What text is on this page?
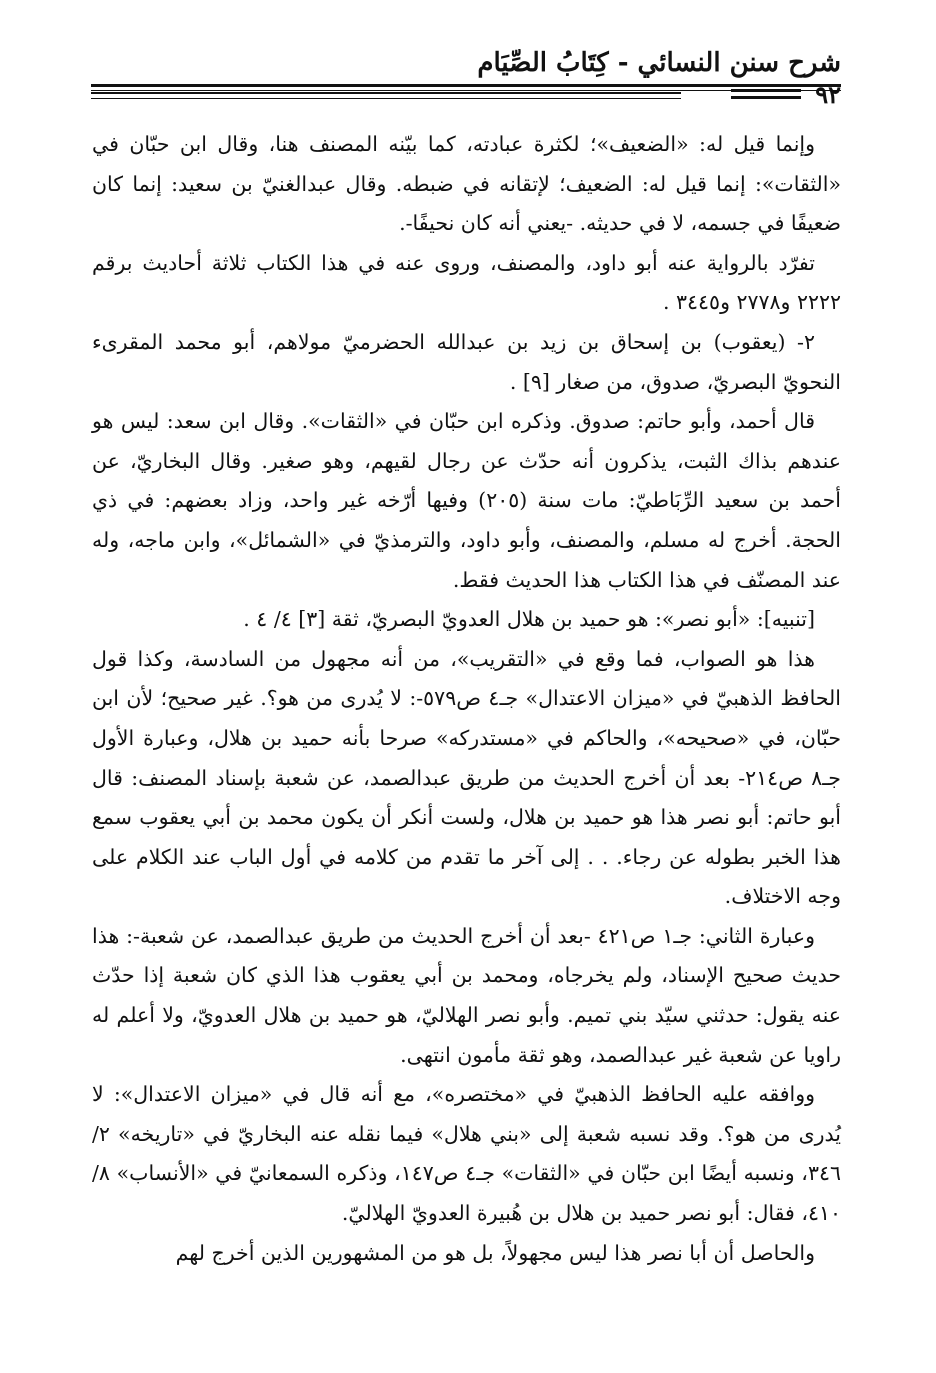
شرح سنن النسائي - كِتَابُ الصِّيَام
٩٢

وإنما قيل له: «الضعيف»؛ لكثرة عبادته، كما بيّنه المصنف هنا، وقال ابن حبّان في «الثقات»: إنما قيل له: الضعيف؛ لإتقانه في ضبطه. وقال عبدالغنيّ بن سعيد: إنما كان ضعيفًا في جسمه، لا في حديثه. -يعني أنه كان نحيفًا-.

تفرّد بالرواية عنه أبو داود، والمصنف، وروى عنه في هذا الكتاب ثلاثة أحاديث برقم ٢٢٢٢ و٢٧٧٨ و٣٤٤٥ .

٢- (يعقوب) بن إسحاق بن زيد بن عبدالله الحضرميّ مولاهم، أبو محمد المقرىء النحويّ البصريّ، صدوق، من صغار [٩] .

قال أحمد، وأبو حاتم: صدوق. وذكره ابن حبّان في «الثقات». وقال ابن سعد: ليس هو عندهم بذاك الثبت، يذكرون أنه حدّث عن رجال لقيهم، وهو صغير. وقال البخاريّ، عن أحمد بن سعيد الرِّبَاطيّ: مات سنة (٢٠٥) وفيها أرّخه غير واحد، وزاد بعضهم: في ذي الحجة. أخرج له مسلم، والمصنف، وأبو داود، والترمذيّ في «الشمائل»، وابن ماجه، وله عند المصنّف في هذا الكتاب هذا الحديث فقط.

[تنبيه]: «أبو نصر»: هو حميد بن هلال العدويّ البصريّ، ثقة [٣] ٤/ ٤ .

هذا هو الصواب، فما وقع في «التقريب»، من أنه مجهول من السادسة، وكذا قول الحافظ الذهبيّ في «ميزان الاعتدال» جـ٤ ص٥٧٩-: لا يُدرى من هو؟. غير صحيح؛ لأن ابن حبّان، في «صحيحه»، والحاكم في «مستدركه» صرحا بأنه حميد بن هلال، وعبارة الأول جـ٨ ص٢١٤- بعد أن أخرج الحديث من طريق عبدالصمد، عن شعبة بإسناد المصنف: قال أبو حاتم: أبو نصر هذا هو حميد بن هلال، ولست أنكر أن يكون محمد بن أبي يعقوب سمع هذا الخبر بطوله عن رجاء. . . إلى آخر ما تقدم من كلامه في أول الباب عند الكلام على وجه الاختلاف.

وعبارة الثاني: جـ١ ص٤٢١ -بعد أن أخرج الحديث من طريق عبدالصمد، عن شعبة-: هذا حديث صحيح الإسناد، ولم يخرجاه، ومحمد بن أبي يعقوب هذا الذي كان شعبة إذا حدّث عنه يقول: حدثني سيّد بني تميم. وأبو نصر الهلاليّ، هو حميد بن هلال العدويّ، ولا أعلم له راويا عن شعبة غير عبدالصمد، وهو ثقة مأمون انتهى.

ووافقه عليه الحافظ الذهبيّ في «مختصره»، مع أنه قال في «ميزان الاعتدال»: لا يُدرى من هو؟. وقد نسبه شعبة إلى «بني هلال» فيما نقله عنه البخاريّ في «تاريخه» ٢/ ٣٤٦، ونسبه أيضًا ابن حبّان في «الثقات» جـ٤ ص١٤٧، وذكره السمعانيّ في «الأنساب» ٨/ ٤١٠، فقال: أبو نصر حميد بن هلال بن هُبيرة العدويّ الهلاليّ.

والحاصل أن أبا نصر هذا ليس مجهولاً، بل هو من المشهورين الذين أخرج لهم
